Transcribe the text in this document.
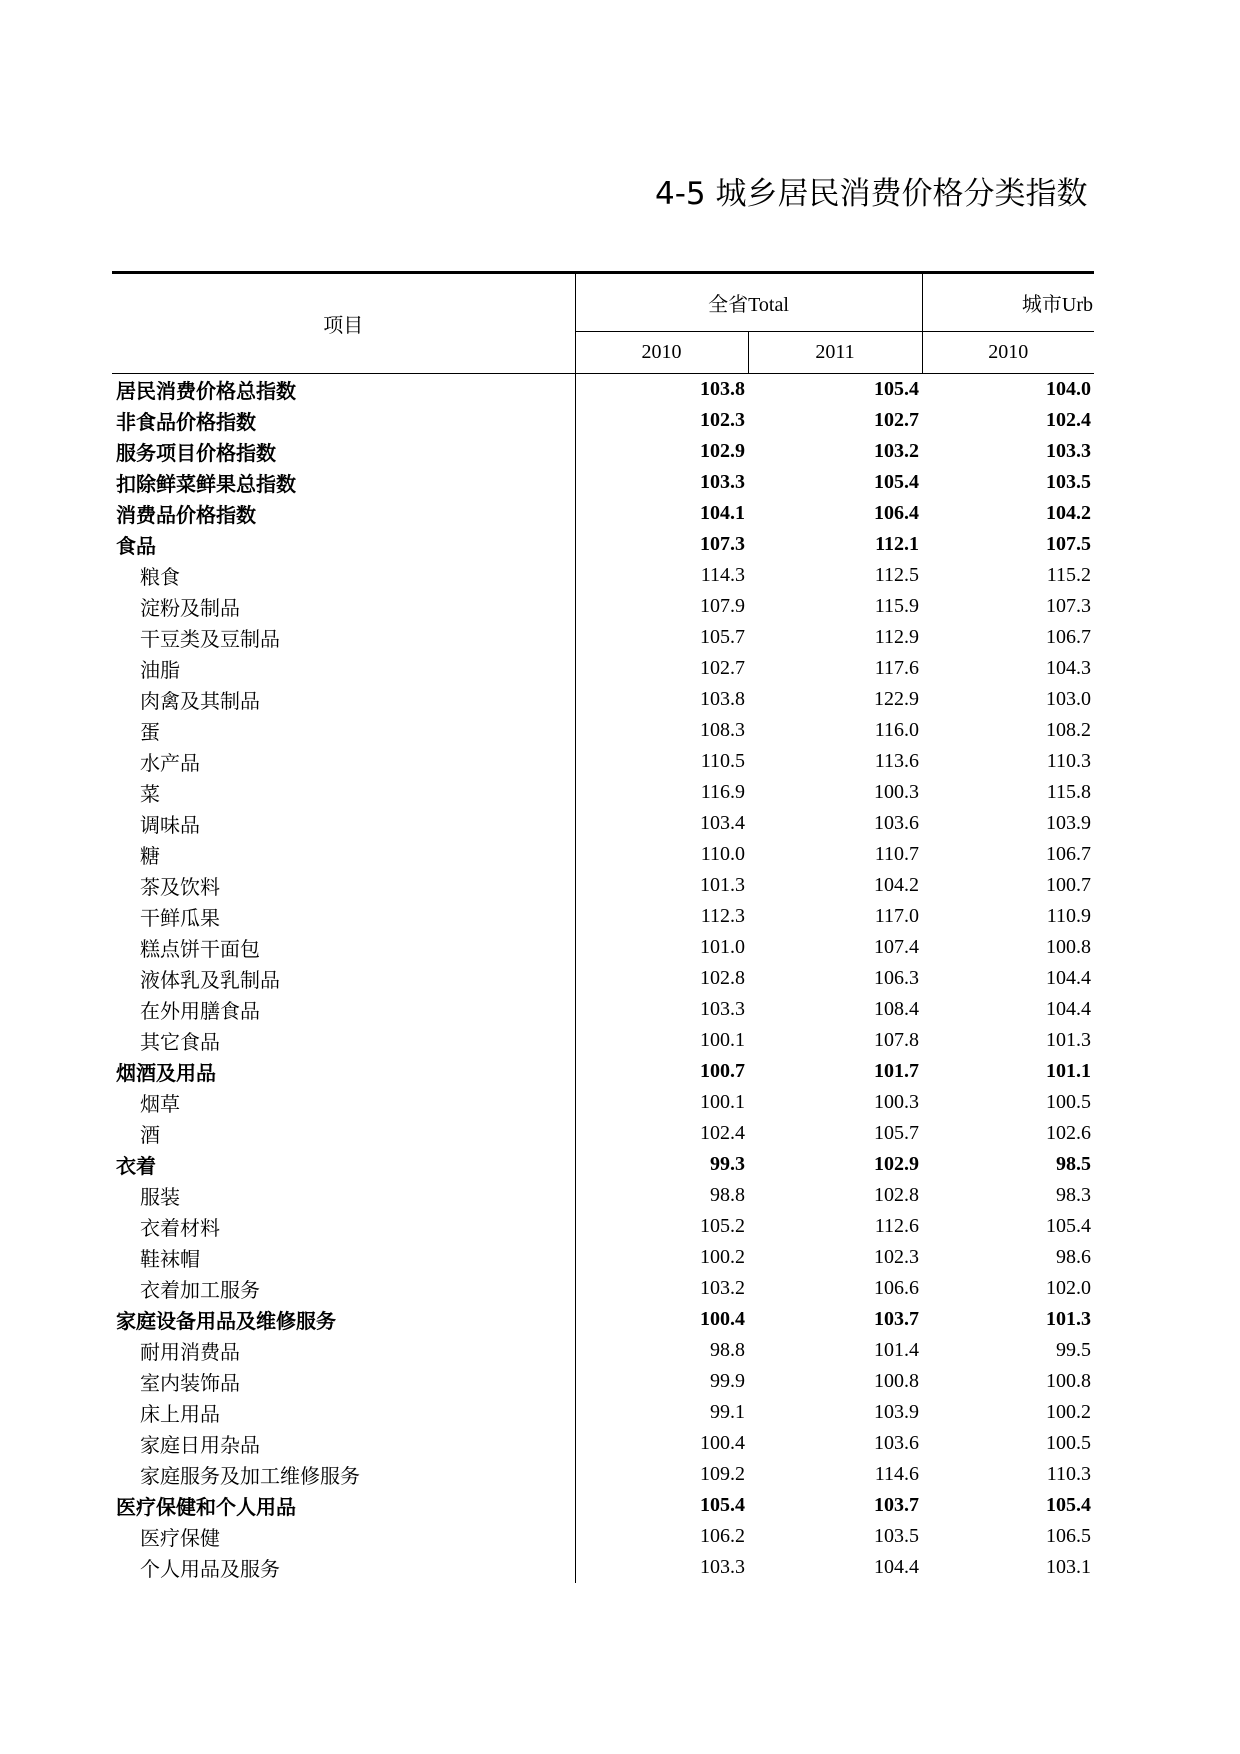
4-5 城乡居民消费价格分类指数
项目	全省Total		城市Urb
	2010	2011	2010
居民消费价格总指数	103.8	105.4	104.0
非食品价格指数	102.3	102.7	102.4
服务项目价格指数	102.9	103.2	103.3
扣除鲜菜鲜果总指数	103.3	105.4	103.5
消费品价格指数	104.1	106.4	104.2
食品	107.3	112.1	107.5
粮食	114.3	112.5	115.2
淀粉及制品	107.9	115.9	107.3
干豆类及豆制品	105.7	112.9	106.7
油脂	102.7	117.6	104.3
肉禽及其制品	103.8	122.9	103.0
蛋	108.3	116.0	108.2
水产品	110.5	113.6	110.3
菜	116.9	100.3	115.8
调味品	103.4	103.6	103.9
糖	110.0	110.7	106.7
茶及饮料	101.3	104.2	100.7
干鲜瓜果	112.3	117.0	110.9
糕点饼干面包	101.0	107.4	100.8
液体乳及乳制品	102.8	106.3	104.4
在外用膳食品	103.3	108.4	104.4
其它食品	100.1	107.8	101.3
烟酒及用品	100.7	101.7	101.1
烟草	100.1	100.3	100.5
酒	102.4	105.7	102.6
衣着	99.3	102.9	98.5
服装	98.8	102.8	98.3
衣着材料	105.2	112.6	105.4
鞋袜帽	100.2	102.3	98.6
衣着加工服务	103.2	106.6	102.0
家庭设备用品及维修服务	100.4	103.7	101.3
耐用消费品	98.8	101.4	99.5
室内装饰品	99.9	100.8	100.8
床上用品	99.1	103.9	100.2
家庭日用杂品	100.4	103.6	100.5
家庭服务及加工维修服务	109.2	114.6	110.3
医疗保健和个人用品	105.4	103.7	105.4
医疗保健	106.2	103.5	106.5
个人用品及服务	103.3	104.4	103.1
